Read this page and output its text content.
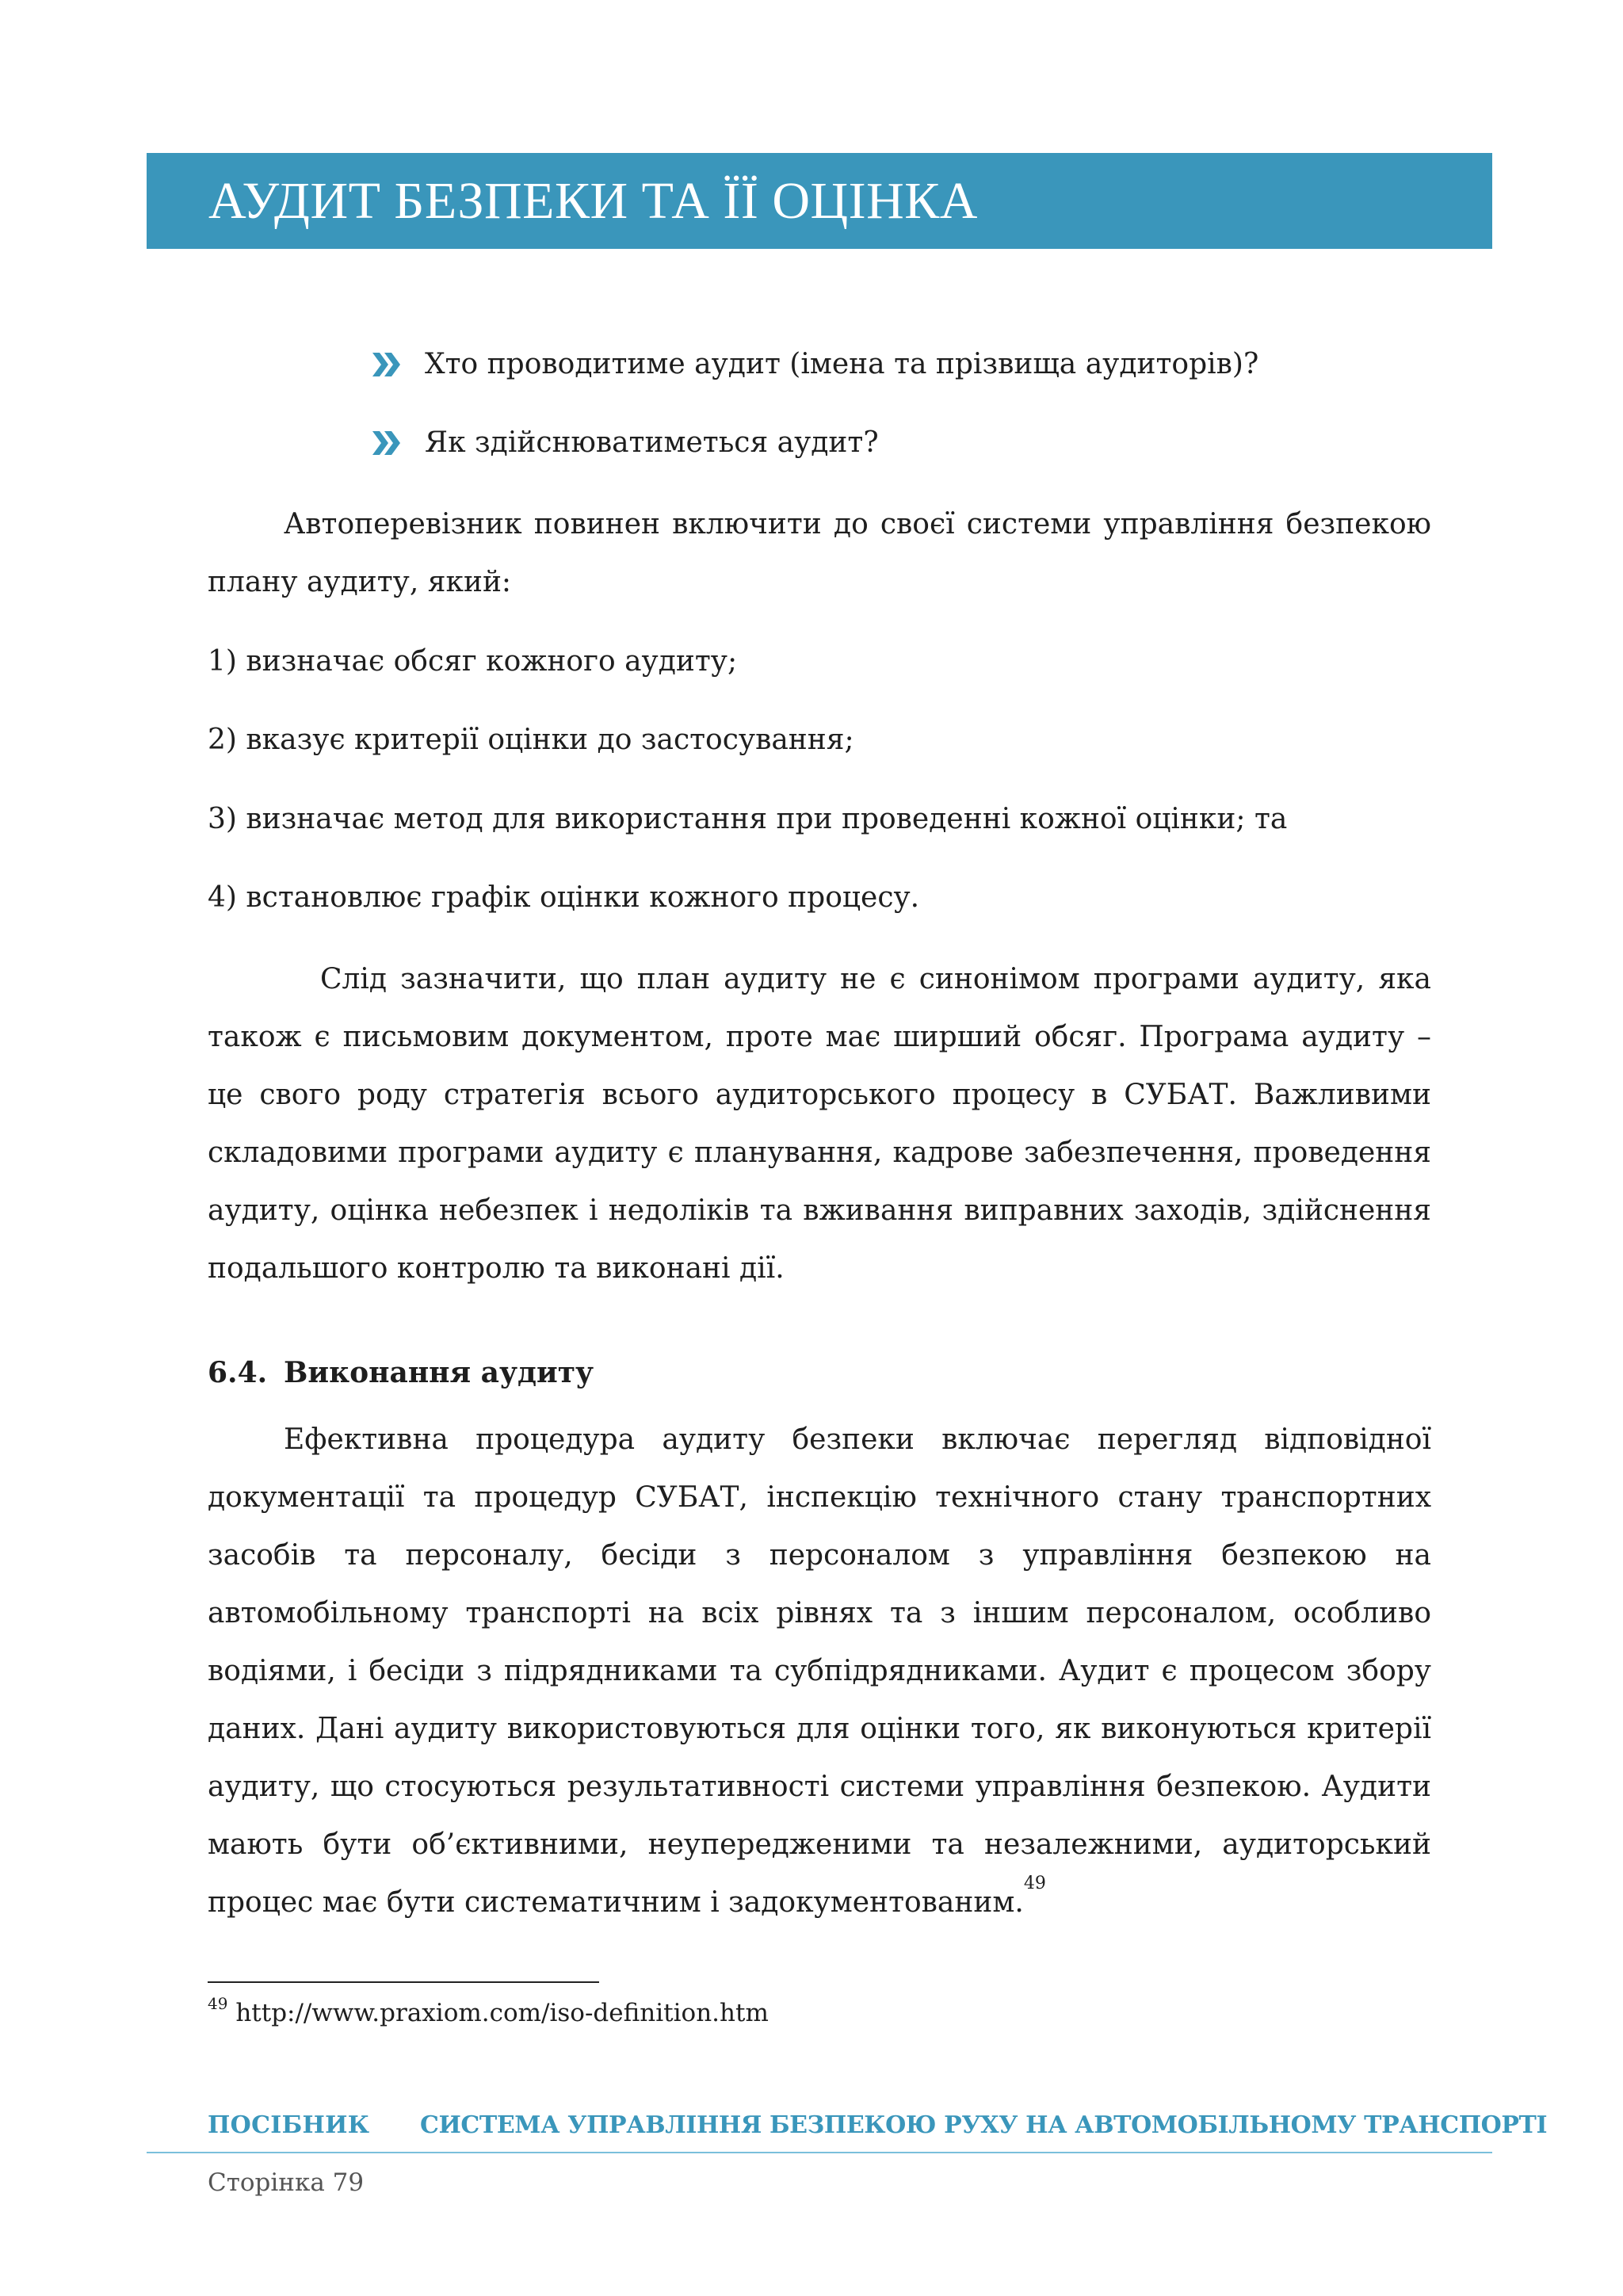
АУДИТ БЕЗПЕКИ ТА ЇЇ ОЦІНКА
Хто проводитиме аудит (імена та прізвища аудиторів)?
Як здійснюватиметься аудит?

Автоперевізник повинен включити до своєї системи управління безпекою плану аудиту, який:

1) визначає обсяг кожного аудиту;

2) вказує критерії оцінки до застосування;

3) визначає метод для використання при проведенні кожної оцінки; та

4) встановлює графік оцінки кожного процесу.

Слід зазначити, що план аудиту не є синонімом програми аудиту, яка також є письмовим документом, проте має ширший обсяг. Програма аудиту – це свого роду стратегія всього аудиторського процесу в СУБАТ. Важливими складовими програми аудиту є планування, кадрове забезпечення, проведення аудиту, оцінка небезпек і недоліків та вживання виправних заходів, здійснення подальшого контролю та виконані дії.

6.4. Виконання аудиту

Ефективна процедура аудиту безпеки включає перегляд відповідної документації та процедур СУБАТ, інспекцію технічного стану транспортних засобів та персоналу, бесіди з персоналом з управління безпекою на автомобільному транспорті на всіх рівнях та з іншим персоналом, особливо водіями, і бесіди з підрядниками та субпідрядниками. Аудит є процесом збору даних. Дані аудиту використовуються для оцінки того, як виконуються критерії аудиту, що стосуються результативності системи управління безпекою. Аудити мають бути об’єктивними, неупередженими та незалежними, аудиторський процес має бути систематичним і задокументованим.$^{49}$

$^{49}$ http://www.praxiom.com/iso-definition.htm

ПОСІБНИК СИСТЕМА УПРАВЛІННЯ БЕЗПЕКОЮ РУХУ НА АВТОМОБІЛЬНОМУ ТРАНСПОРТІ

Сторінка 79
